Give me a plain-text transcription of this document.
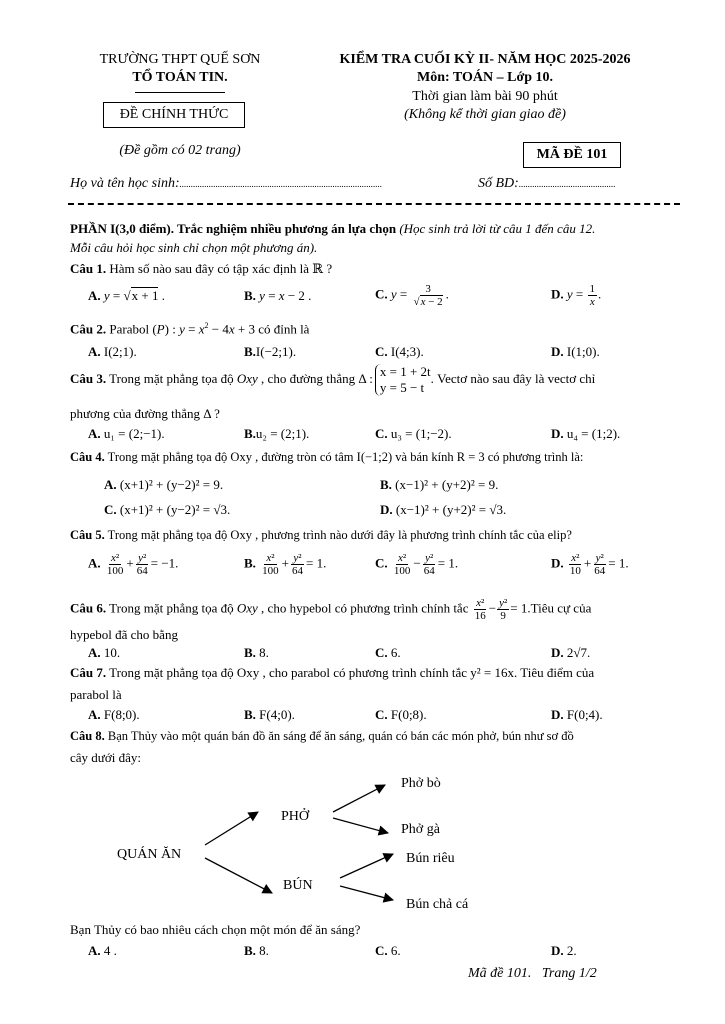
TRƯỜNG THPT QUẾ SƠN
TỔ TOÁN TIN.
ĐỀ CHÍNH THỨC
(Đề gồm có 02 trang)
KIỂM TRA CUỐI KỲ II- NĂM HỌC 2025-2026
Môn: TOÁN – Lớp 10.
Thời gian làm bài 90 phút
(Không kể thời gian giao đề)
MÃ ĐỀ 101
Họ và tên học sinh:..........................................................................................	Số BD:...........................................
PHẦN I(3,0 điểm). Trắc nghiệm nhiều phương án lựa chọn (Học sinh trả lời từ câu 1 đến câu 12.
Mỗi câu hỏi học sinh chỉ chọn một phương án).
Câu 1. Hàm số nào sau đây có tập xác định là ℝ ?
A. y = √x + 1 .	B. y = x − 2 .	C. $y = \frac{3}{√x - 2}$ .	D. $y = \frac{1}{x}$ .
Câu 2. Parabol (P) : $y = x^2 - 4x + 3$ có đỉnh là
A. I(2;1).	B.I(−2;1).	C. I(4;3).	D. I(1;0).
Câu 3. Trong mặt phẳng tọa độ Oxy , cho đường thẳng Δ : x = 1 + 2t
y = 5 − t
. Vectơ nào sau đây là vectơ chỉ
phương của đường thẳng Δ ?
A. u₁ = (2;−1).	B.u₂ = (2;1).	C. u₃ = (1;−2).	D. u₄ = (1;2).
Câu 4. Trong mặt phẳng tọa độ Oxy , đường tròn có tâm I(−1;2) và bán kính R = 3 có phương trình là:
A. (x+1)² + (y−2)² = 9.	B. (x−1)² + (y+2)² = 9.
C. (x+1)² + (y−2)² = √3.	D. (x−1)² + (y+2)² = √3.
Câu 5. Trong mặt phẳng tọa độ Oxy , phương trình nào dưới đây là phương trình chính tắc của elip?
A. $\frac{\text{x²}}{100} + \frac{\text{y²}}{64} = -1$.	B. $\frac{\text{x²}}{100} + \frac{\text{y²}}{64} = 1$.	C. $\frac{\text{x²}}{100} - \frac{\text{y²}}{64} = 1$.	D. $\frac{\text{x²}}{10} + \frac{\text{y²}}{64} = 1$.
Câu 6. Trong mặt phẳng tọa độ Oxy , cho hypebol có phương trình chính tắc $\frac{\text{x²}}{16} - \frac{\text{y²}}{9}$ = 1.Tiêu cự của
hypebol đã cho bằng
A. 10.	B. 8.	C. 6.	D. 2√7.
Câu 7. Trong mặt phẳng tọa độ Oxy , cho parabol có phương trình chính tắc y² = 16x. Tiêu điểm của
parabol là
A. F(8;0).	B. F(4;0).	C. F(0;8).	D. F(0;4).
Câu 8. Bạn Thủy vào một quán bán đồ ăn sáng để ăn sáng, quán có bán các món phở, bún như sơ đồ
cây dưới đây:
QUÁN ĂN
PHỞ
BÚN
Phở bò
Phở gà
Bún riêu
Bún chả cá
Bạn Thủy có bao nhiêu cách chọn một món để ăn sáng?
A. 4 .	B. 8.	C. 6.	D. 2.
Mã đề 101. Trang 1/2
